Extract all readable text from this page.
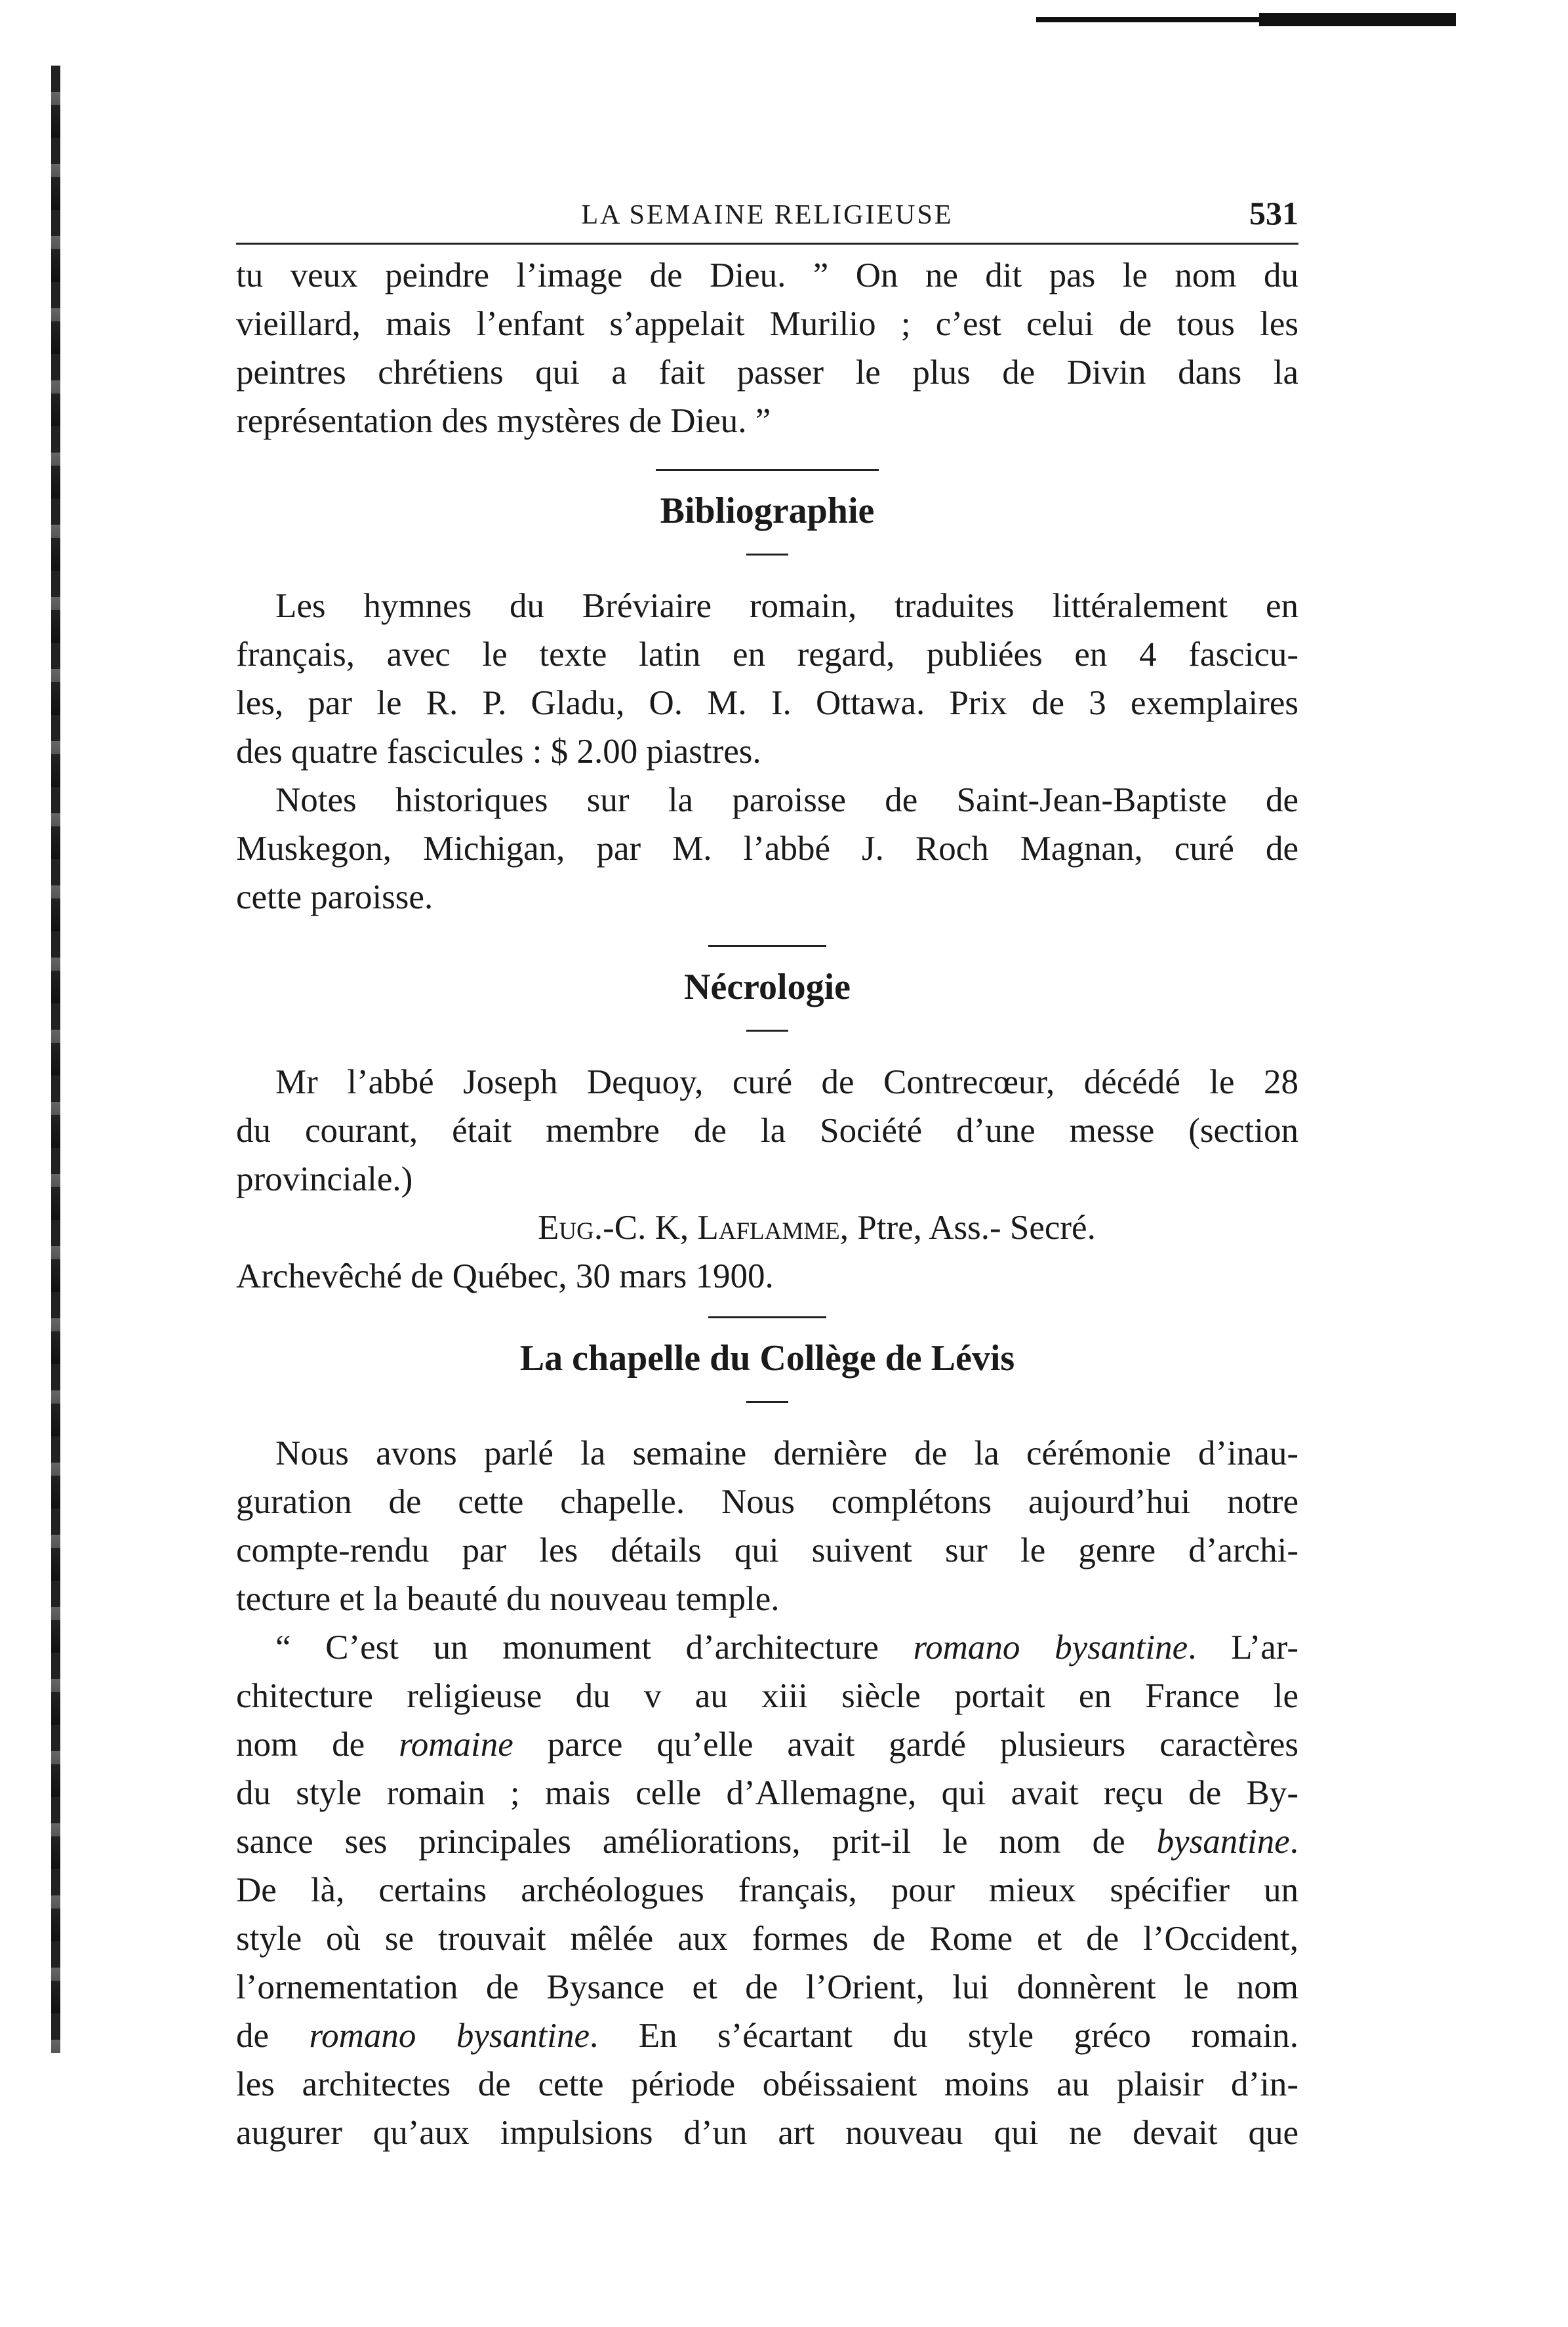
LA SEMAINE RELIGIEUSE	531

tu veux peindre l’image de Dieu. ” On ne dit pas le nom du

vieillard, mais l’enfant s’appelait Murilio ; c’est celui de tous les

peintres chrétiens qui a fait passer le plus de Divin dans la

représentation des mystères de Dieu. ”

Bibliographie

Les hymnes du Bréviaire romain, traduites littéralement en

français, avec le texte latin en regard, publiées en 4 fascicu-

les, par le R. P. Gladu, O. M. I. Ottawa. Prix de 3 exemplaires

des quatre fascicules : $ 2.00 piastres.

Notes historiques sur la paroisse de Saint-Jean-Baptiste de

Muskegon, Michigan, par M. l’abbé J. Roch Magnan, curé de

cette paroisse.

Nécrologie

Mr l’abbé Joseph Dequoy, curé de Contrecœur, décédé le 28

du courant, était membre de la Société d’une messe (section

provinciale.)

Eug.-C. K, Laflamme, Ptre, Ass.- Secré.

Archevêché de Québec, 30 mars 1900.

La chapelle du Collège de Lévis

Nous avons parlé la semaine dernière de la cérémonie d’inau-

guration de cette chapelle. Nous complétons aujourd’hui notre

compte-rendu par les détails qui suivent sur le genre d’archi-

tecture et la beauté du nouveau temple.

“ C’est un monument d’architecture romano bysantine. L’ar-

chitecture religieuse du v au xiii siècle portait en France le

nom de romaine parce qu’elle avait gardé plusieurs caractères

du style romain ; mais celle d’Allemagne, qui avait reçu de By-

sance ses principales améliorations, prit-il le nom de bysantine.

De là, certains archéologues français, pour mieux spécifier un

style où se trouvait mêlée aux formes de Rome et de l’Occident,

l’ornementation de Bysance et de l’Orient, lui donnèrent le nom

de romano bysantine. En s’écartant du style gréco romain.

les architectes de cette période obéissaient moins au plaisir d’in-

augurer qu’aux impulsions d’un art nouveau qui ne devait que
